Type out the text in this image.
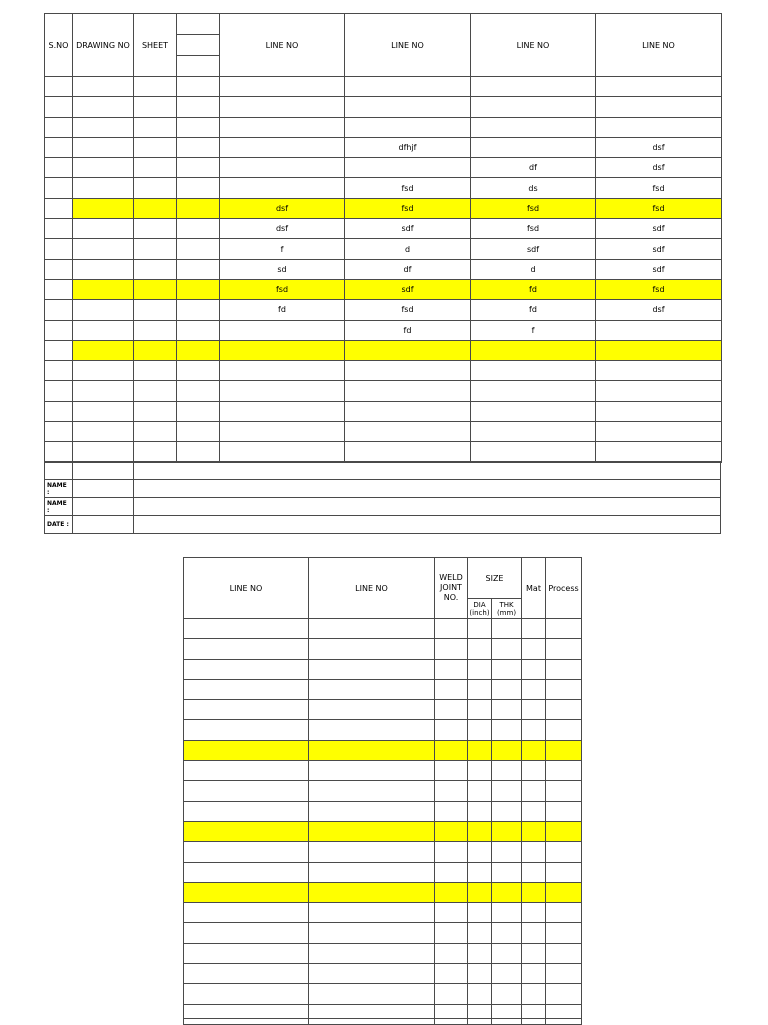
S.NO	DRAWING NO	SHEET		LINE NO	LINE NO	LINE NO	LINE NO

					dfhjf		dsf
						df	dsf
					fsd	ds	fsd
				dsf	fsd	fsd	fsd
				dsf	sdf	fsd	sdf
				f	d	sdf	sdf
				sd	df	d	sdf
				fsd	sdf	fd	fsd
				fd	fsd	fd	dsf
					fd	f	

NAME :		
NAME :		
DATE :		
LINE NO	LINE NO	WELD JOINT NO.	SIZE		Mat	Process
			DIA (inch)	THK (mm)		
